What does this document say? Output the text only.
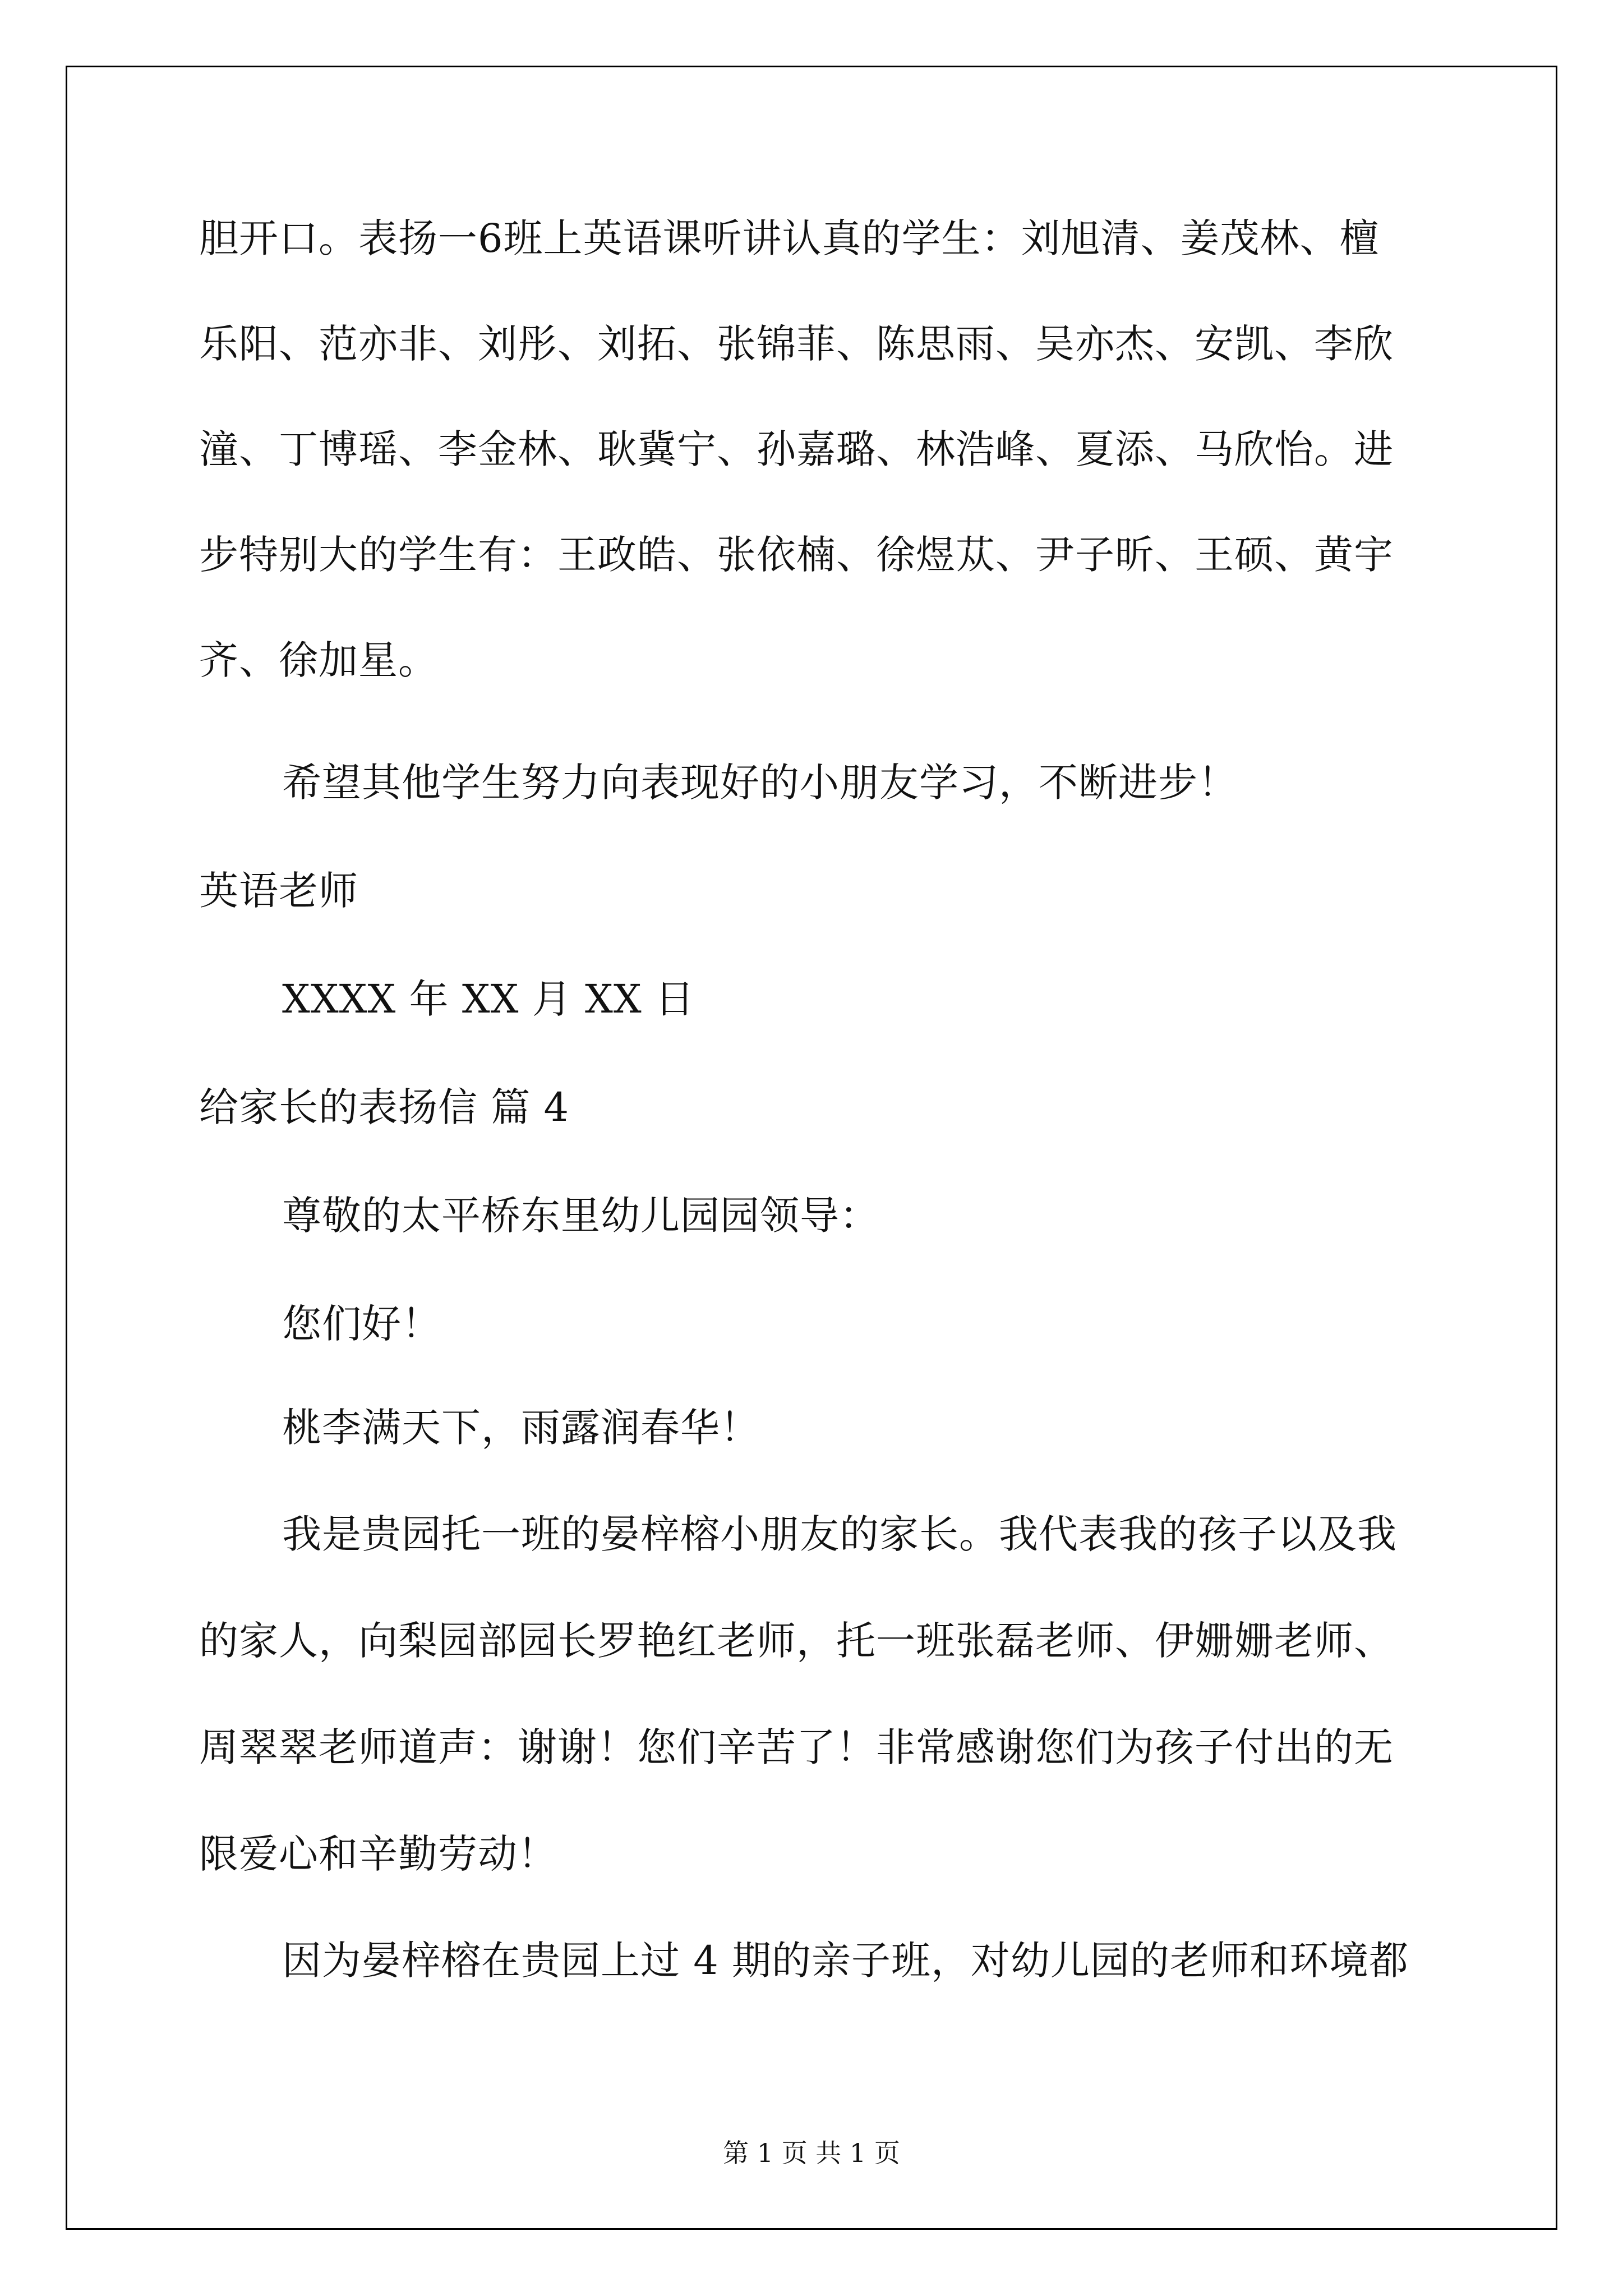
胆开口。表扬一6班上英语课听讲认真的学生：刘旭清、姜茂林、檀
乐阳、范亦非、刘彤、刘拓、张锦菲、陈思雨、吴亦杰、安凯、李欣
潼、丁博瑶、李金林、耿冀宁、孙嘉璐、林浩峰、夏添、马欣怡。进
步特别大的学生有：王政皓、张依楠、徐煜苁、尹子昕、王硕、黄宇
齐、徐加星。
希望其他学生努力向表现好的小朋友学习，不断进步！
英语老师
XXXX 年 XX 月 XX 日
给家长的表扬信 篇 4
尊敬的太平桥东里幼儿园园领导：
您们好！
桃李满天下，雨露润春华！
我是贵园托一班的晏梓榕小朋友的家长。我代表我的孩子以及我
的家人，向梨园部园长罗艳红老师，托一班张磊老师、伊姗姗老师、
周翠翠老师道声：谢谢！您们辛苦了！非常感谢您们为孩子付出的无
限爱心和辛勤劳动！
因为晏梓榕在贵园上过 4 期的亲子班，对幼儿园的老师和环境都
第 1 页 共 1 页
